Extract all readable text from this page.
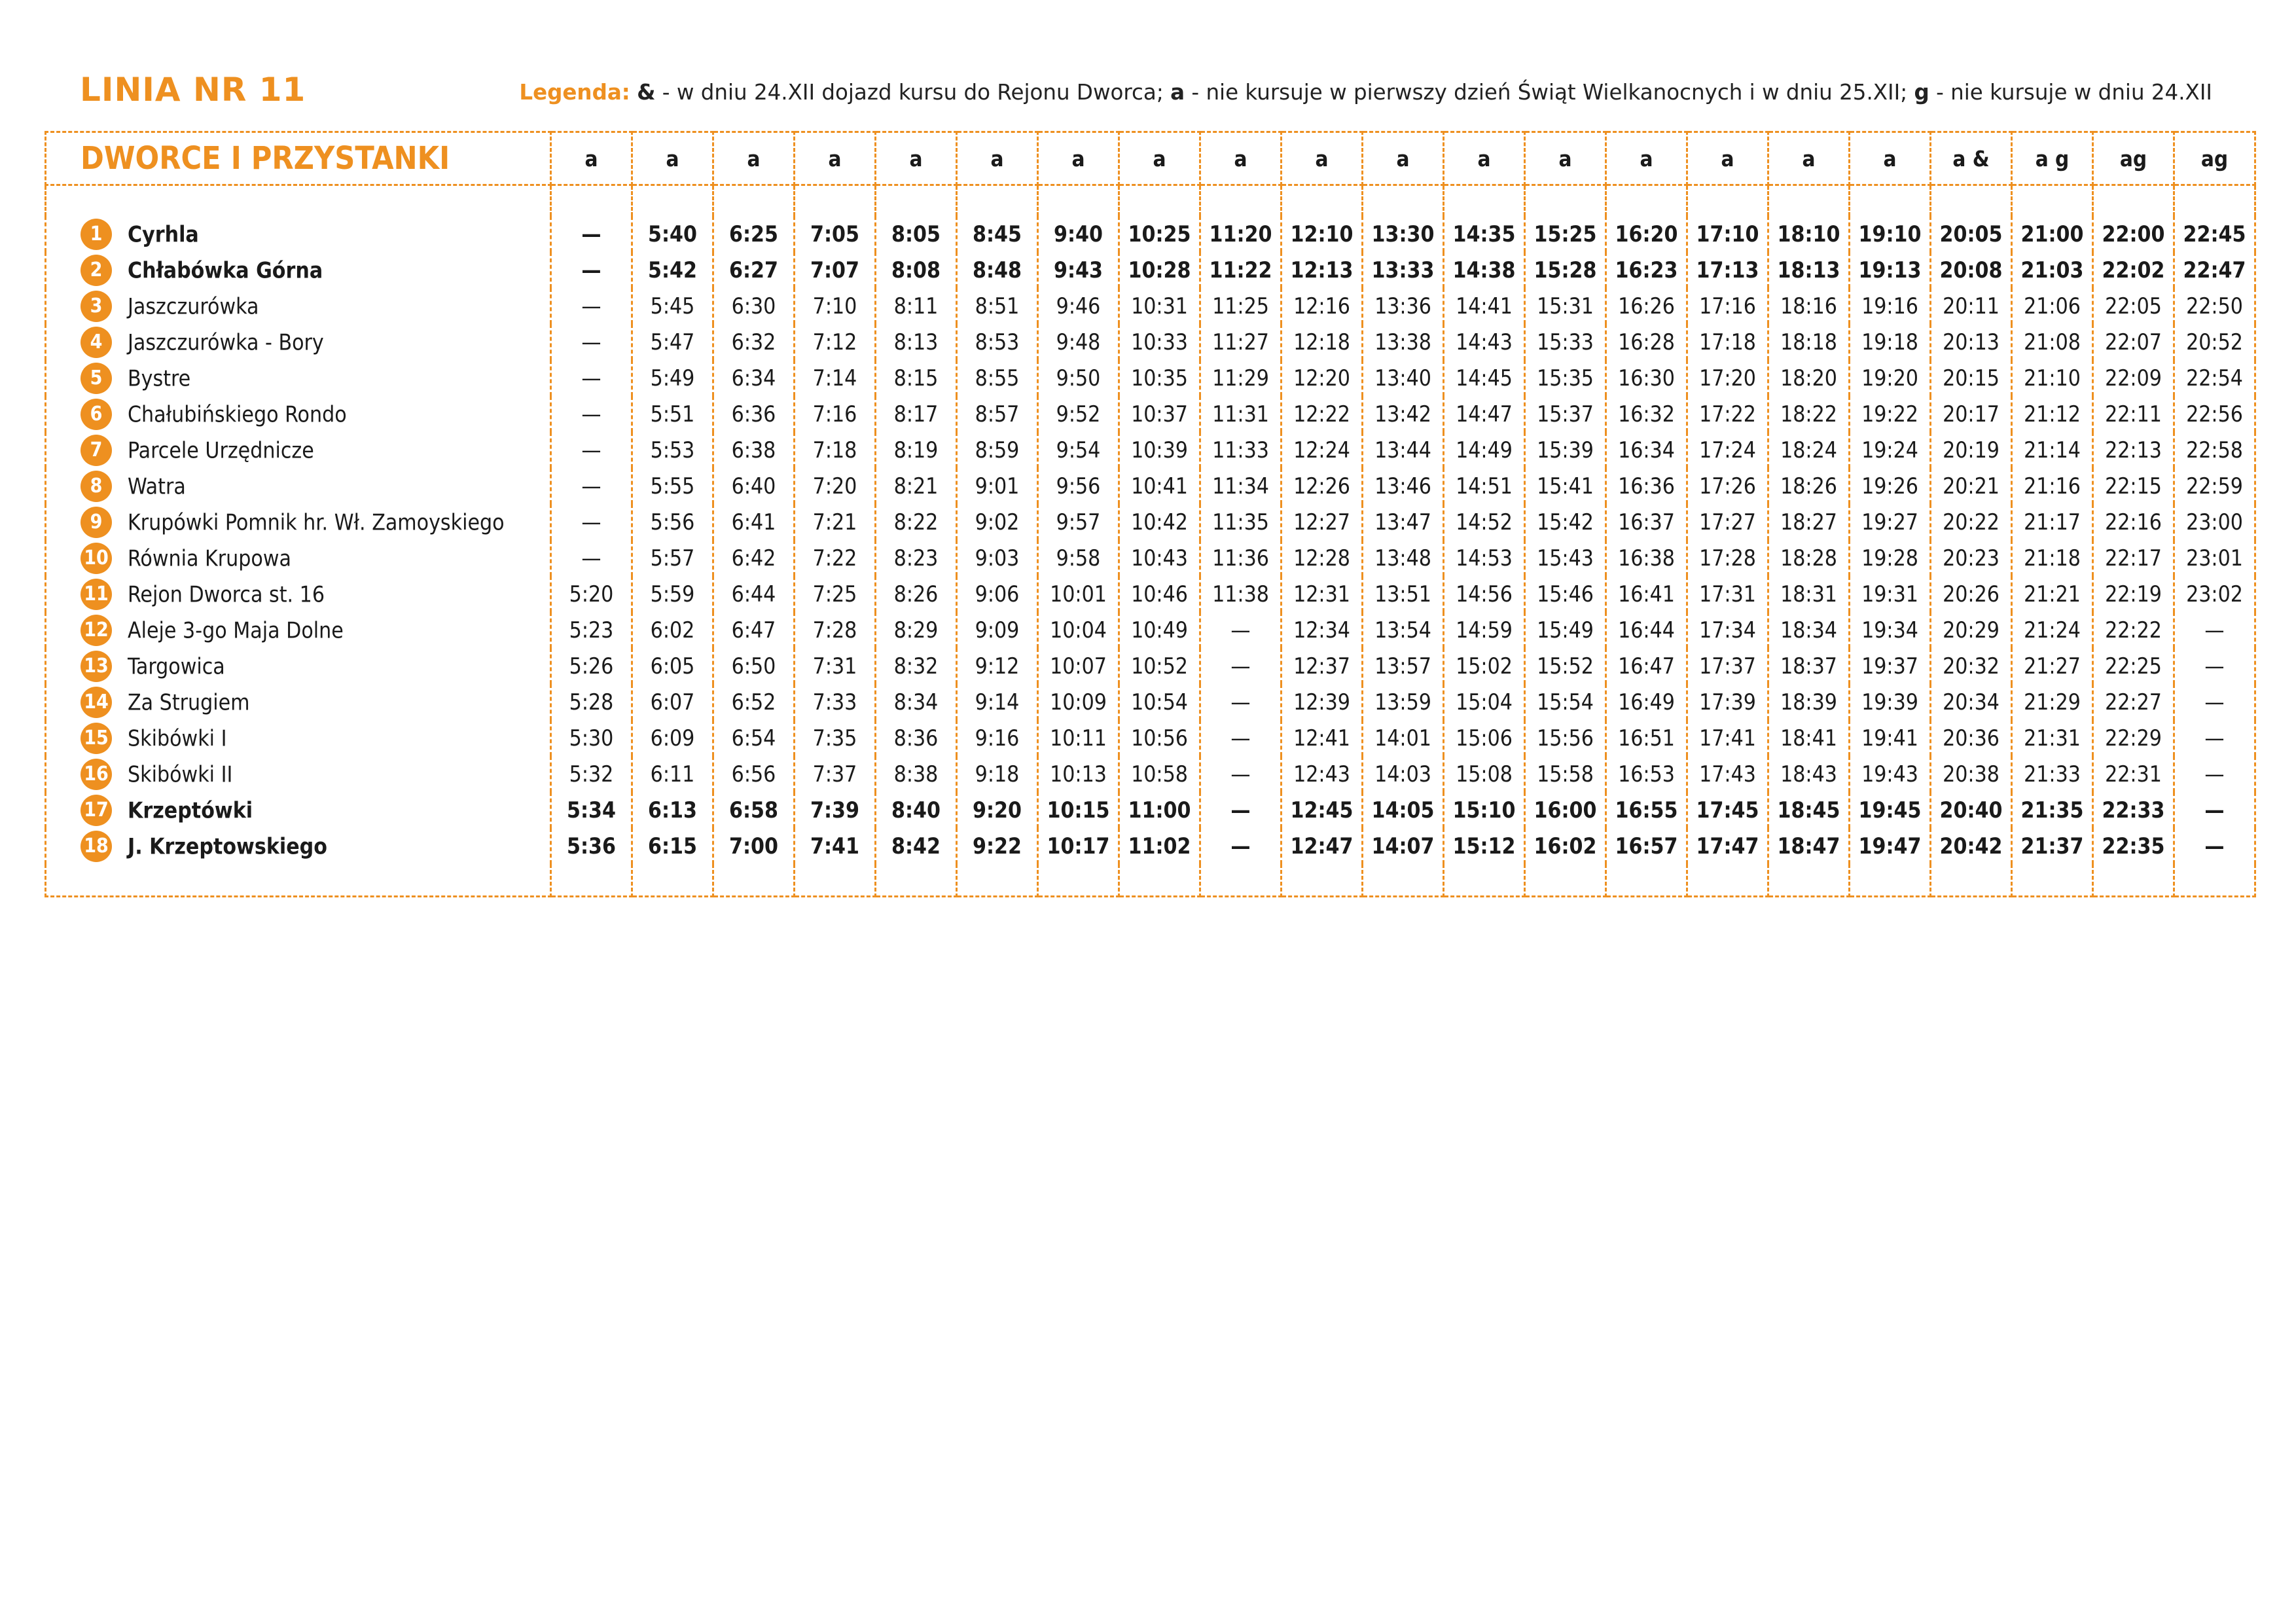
LINIA NR 11	Legenda: & - w dniu 24.XII dojazd kursu do Rejonu Dworca; a - nie kursuje w pierwszy dzień Świąt Wielkanocnych i w dniu 25.XII; g - nie kursuje w dniu 24.XII
DWORCE I PRZYSTANKI	a	a	a	a	a	a	a	a	a	a	a	a	a	a	a	a	a	a &	a g	ag	ag

1 Cyrhla	—	5:40	6:25	7:05	8:05	8:45	9:40	10:25	11:20	12:10	13:30	14:35	15:25	16:20	17:10	18:10	19:10	20:05	21:00	22:00	22:45
2 Chłabówka Górna	—	5:42	6:27	7:07	8:08	8:48	9:43	10:28	11:22	12:13	13:33	14:38	15:28	16:23	17:13	18:13	19:13	20:08	21:03	22:02	22:47
3 Jaszczurówka	—	5:45	6:30	7:10	8:11	8:51	9:46	10:31	11:25	12:16	13:36	14:41	15:31	16:26	17:16	18:16	19:16	20:11	21:06	22:05	22:50
4 Jaszczurówka - Bory	—	5:47	6:32	7:12	8:13	8:53	9:48	10:33	11:27	12:18	13:38	14:43	15:33	16:28	17:18	18:18	19:18	20:13	21:08	22:07	20:52
5 Bystre	—	5:49	6:34	7:14	8:15	8:55	9:50	10:35	11:29	12:20	13:40	14:45	15:35	16:30	17:20	18:20	19:20	20:15	21:10	22:09	22:54
6 Chałubińskiego Rondo	—	5:51	6:36	7:16	8:17	8:57	9:52	10:37	11:31	12:22	13:42	14:47	15:37	16:32	17:22	18:22	19:22	20:17	21:12	22:11	22:56
7 Parcele Urzędnicze	—	5:53	6:38	7:18	8:19	8:59	9:54	10:39	11:33	12:24	13:44	14:49	15:39	16:34	17:24	18:24	19:24	20:19	21:14	22:13	22:58
8 Watra	—	5:55	6:40	7:20	8:21	9:01	9:56	10:41	11:34	12:26	13:46	14:51	15:41	16:36	17:26	18:26	19:26	20:21	21:16	22:15	22:59
9 Krupówki Pomnik hr. Wł. Zamoyskiego	—	5:56	6:41	7:21	8:22	9:02	9:57	10:42	11:35	12:27	13:47	14:52	15:42	16:37	17:27	18:27	19:27	20:22	21:17	22:16	23:00
10 Równia Krupowa	—	5:57	6:42	7:22	8:23	9:03	9:58	10:43	11:36	12:28	13:48	14:53	15:43	16:38	17:28	18:28	19:28	20:23	21:18	22:17	23:01
11 Rejon Dworca st. 16	5:20	5:59	6:44	7:25	8:26	9:06	10:01	10:46	11:38	12:31	13:51	14:56	15:46	16:41	17:31	18:31	19:31	20:26	21:21	22:19	23:02
12 Aleje 3-go Maja Dolne	5:23	6:02	6:47	7:28	8:29	9:09	10:04	10:49	—	12:34	13:54	14:59	15:49	16:44	17:34	18:34	19:34	20:29	21:24	22:22	—
13 Targowica	5:26	6:05	6:50	7:31	8:32	9:12	10:07	10:52	—	12:37	13:57	15:02	15:52	16:47	17:37	18:37	19:37	20:32	21:27	22:25	—
14 Za Strugiem	5:28	6:07	6:52	7:33	8:34	9:14	10:09	10:54	—	12:39	13:59	15:04	15:54	16:49	17:39	18:39	19:39	20:34	21:29	22:27	—
15 Skibówki I	5:30	6:09	6:54	7:35	8:36	9:16	10:11	10:56	—	12:41	14:01	15:06	15:56	16:51	17:41	18:41	19:41	20:36	21:31	22:29	—
16 Skibówki II	5:32	6:11	6:56	7:37	8:38	9:18	10:13	10:58	—	12:43	14:03	15:08	15:58	16:53	17:43	18:43	19:43	20:38	21:33	22:31	—
17 Krzeptówki	5:34	6:13	6:58	7:39	8:40	9:20	10:15	11:00	—	12:45	14:05	15:10	16:00	16:55	17:45	18:45	19:45	20:40	21:35	22:33	—
18 J. Krzeptowskiego	5:36	6:15	7:00	7:41	8:42	9:22	10:17	11:02	—	12:47	14:07	15:12	16:02	16:57	17:47	18:47	19:47	20:42	21:37	22:35	—
